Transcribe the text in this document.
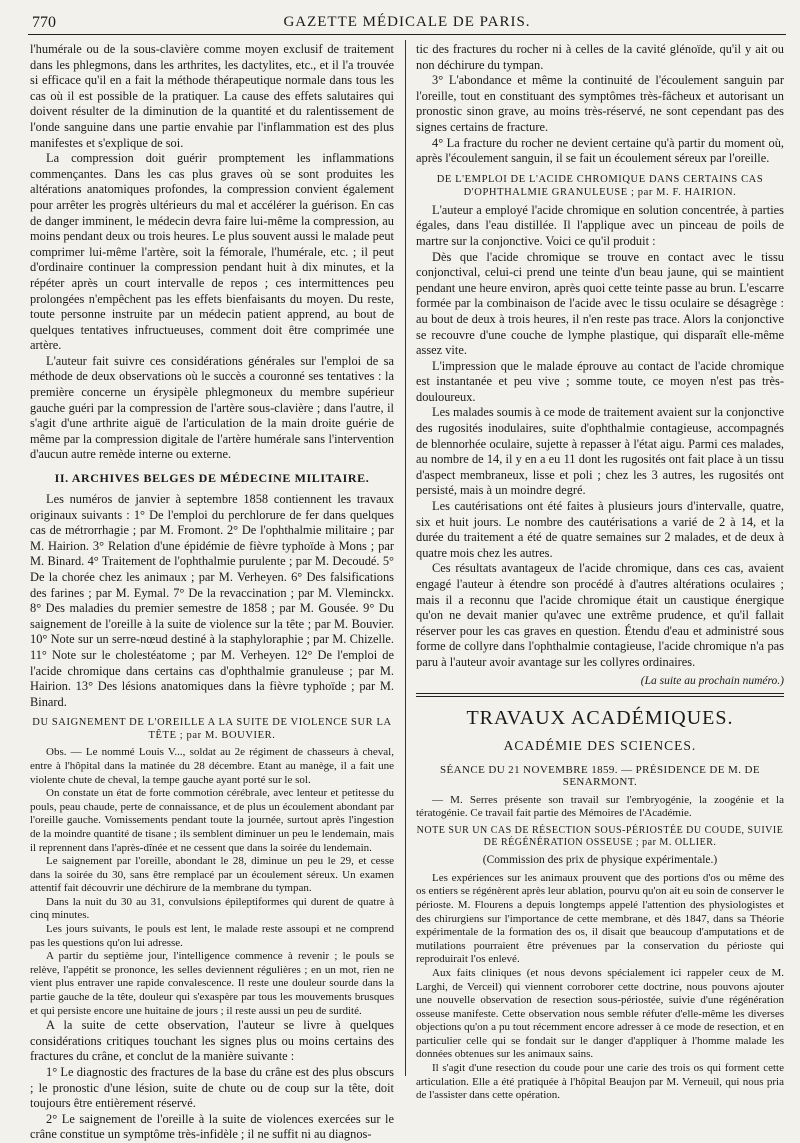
770	GAZETTE MÉDICALE DE PARIS.

l'humérale ou de la sous-clavière comme moyen exclusif de traitement dans les phlegmons, dans les arthrites, les dactylites, etc., et il l'a trouvée si efficace qu'il en a fait la méthode thérapeutique normale dans tous les cas où il est possible de la pratiquer. La cause des effets salutaires qui doivent résulter de la diminution de la quantité et du ralentissement de l'onde sanguine dans une partie envahie par l'inflammation est des plus manifestes et s'explique de soi.

La compression doit guérir promptement les inflammations commençantes. Dans les cas plus graves où se sont produites les altérations anatomiques profondes, la compression convient également pour arrêter les progrès ultérieurs du mal et accélérer la guérison. En cas de danger imminent, le médecin devra faire lui-même la compression, au moins pendant deux ou trois heures. Le plus souvent aussi le malade peut comprimer lui-même l'artère, soit la fémorale, l'humérale, etc. ; il peut d'ordinaire continuer la compression pendant huit à dix minutes, et la répéter après un court intervalle de repos ; ces intermittences peu prolongées n'empêchent pas les effets bienfaisants du moyen. Du reste, toute personne instruite par un médecin patient apprend, au bout de quelques tentatives infructueuses, comment doit être comprimée une artère.

L'auteur fait suivre ces considérations générales sur l'emploi de sa méthode de deux observations où le succès a couronné ses tentatives : la première concerne un érysipèle phlegmoneux du membre supérieur gauche guéri par la compression de l'artère sous-clavière ; dans l'autre, il s'agit d'une arthrite aiguë de l'articulation de la main droite guérie de même par la compression digitale de l'artère humérale sans l'intervention d'aucun autre remède interne ou externe.

II. ARCHIVES BELGES DE MÉDECINE MILITAIRE.

Les numéros de janvier à septembre 1858 contiennent les travaux originaux suivants : 1° De l'emploi du perchlorure de fer dans quelques cas de métrorrhagie ; par M. Fromont. 2° De l'ophthalmie militaire ; par M. Hairion. 3° Relation d'une épidémie de fièvre typhoïde à Mons ; par M. Binard. 4° Traitement de l'ophthalmie purulente ; par M. Decoudé. 5° De la chorée chez les animaux ; par M. Verheyen. 6° Des falsifications des farines ; par M. Eymal. 7° De la revaccination ; par M. Vleminckx. 8° Des maladies du premier semestre de 1858 ; par M. Gousée. 9° Du saignement de l'oreille à la suite de violence sur la tête ; par M. Bouvier. 10° Note sur un serre-nœud destiné à la staphyloraphie ; par M. Chizelle. 11° Note sur le cholestéatome ; par M. Verheyen. 12° De l'emploi de l'acide chromique dans certains cas d'ophthalmie granuleuse ; par M. Hairion. 13° Des lésions anatomiques dans la fièvre typhoïde ; par M. Binard.

DU SAIGNEMENT DE L'OREILLE A LA SUITE DE VIOLENCE SUR LA TÊTE ; par M. BOUVIER.

Obs. — Le nommé Louis V..., soldat au 2e régiment de chasseurs à cheval, entre à l'hôpital dans la matinée du 28 décembre. Etant au manège, il a fait une violente chute de cheval, la tempe gauche ayant porté sur le sol.

On constate un état de forte commotion cérébrale, avec lenteur et petitesse du pouls, peau chaude, perte de connaissance, et de plus un écoulement abondant par l'oreille gauche. Vomissements pendant toute la journée, surtout après l'ingestion de la moindre quantité de tisane ; ils semblent diminuer un peu le lendemain, mais il reprennent dans l'après-dînée et ne cessent que dans la soirée du lendemain.

Le saignement par l'oreille, abondant le 28, diminue un peu le 29, et cesse dans la soirée du 30, sans être remplacé par un écoulement séreux. Un examen attentif fait découvrir une déchirure de la membrane du tympan.

Dans la nuit du 30 au 31, convulsions épileptiformes qui durent de quatre à cinq minutes.

Les jours suivants, le pouls est lent, le malade reste assoupi et ne comprend pas les questions qu'on lui adresse.

A partir du septième jour, l'intelligence commence à revenir ; le pouls se relève, l'appétit se prononce, les selles deviennent régulières ; en un mot, rien ne vient plus entraver une rapide convalescence. Il reste une douleur sourde dans la partie gauche de la tête, douleur qui s'exaspère par tous les mouvements brusques et qui persiste encore une huitaine de jours ; il reste aussi un peu de surdité.

A la suite de cette observation, l'auteur se livre à quelques considérations critiques touchant les signes plus ou moins certains des fractures du crâne, et conclut de la manière suivante :

1° Le diagnostic des fractures de la base du crâne est des plus obscurs ; le pronostic d'une lésion, suite de chute ou de coup sur la tête, doit toujours être entièrement réservé.

2° Le saignement de l'oreille à la suite de violences exercées sur le crâne constitue un symptôme très-infidèle ; il ne suffit ni au diagnos-

tic des fractures du rocher ni à celles de la cavité glénoïde, qu'il y ait ou non déchirure du tympan.

3° L'abondance et même la continuité de l'écoulement sanguin par l'oreille, tout en constituant des symptômes très-fâcheux et autorisant un pronostic sinon grave, au moins très-réservé, ne sont cependant pas des signes certains de fracture.

4° La fracture du rocher ne devient certaine qu'à partir du moment où, après l'écoulement sanguin, il se fait un écoulement séreux par l'oreille.

DE L'EMPLOI DE L'ACIDE CHROMIQUE DANS CERTAINS CAS D'OPHTHALMIE GRANULEUSE ; par M. F. HAIRION.

L'auteur a employé l'acide chromique en solution concentrée, à parties égales, dans l'eau distillée. Il l'applique avec un pinceau de poils de martre sur la conjonctive. Voici ce qu'il produit :

Dès que l'acide chromique se trouve en contact avec le tissu conjonctival, celui-ci prend une teinte d'un beau jaune, qui se maintient pendant une heure environ, après quoi cette teinte passe au brun. L'escarre formée par la combinaison de l'acide avec le tissu oculaire se désagrège : au bout de deux à trois heures, il n'en reste pas trace. Alors la conjonctive se recouvre d'une couche de lymphe plastique, qui disparaît elle-même assez vite.

L'impression que le malade éprouve au contact de l'acide chromique est instantanée et peu vive ; somme toute, ce moyen n'est pas très-douloureux.

Les malades soumis à ce mode de traitement avaient sur la conjonctive des rugosités inodulaires, suite d'ophthalmie contagieuse, accompagnés de blennorhée oculaire, sujette à repasser à l'état aigu. Parmi ces malades, au nombre de 14, il y en a eu 11 dont les rugosités ont fait place à un tissu d'aspect membraneux, lisse et poli ; chez les 3 autres, les rugosités ont persisté, mais à un moindre degré.

Les cautérisations ont été faites à plusieurs jours d'intervalle, quatre, six et huit jours. Le nombre des cautérisations a varié de 2 à 14, et la durée du traitement a été de quatre semaines sur 2 malades, et de deux à quatre mois chez les autres.

Ces résultats avantageux de l'acide chromique, dans ces cas, avaient engagé l'auteur à étendre son procédé à d'autres altérations oculaires ; mais il a reconnu que l'acide chromique était un caustique énergique qu'on ne devait manier qu'avec une extrême prudence, et qu'il fallait réserver pour les cas graves en question. Étendu d'eau et administré sous forme de collyre dans l'ophthalmie contagieuse, l'acide chromique n'a pas paru à l'auteur avoir avantage sur les collyres ordinaires.

(La suite au prochain numéro.)
TRAVAUX ACADÉMIQUES.
ACADÉMIE DES SCIENCES.
SÉANCE DU 21 NOVEMBRE 1859. — PRÉSIDENCE DE M. DE SENARMONT.

— M. Serres présente son travail sur l'embryogénie, la zoogénie et la tératogénie. Ce travail fait partie des Mémoires de l'Académie.

NOTE SUR UN CAS DE RÉSECTION SOUS-PÉRIOSTÉE DU COUDE, SUIVIE DE RÉGÉNÉRATION OSSEUSE ; par M. OLLIER.
(Commission des prix de physique expérimentale.)

Les expériences sur les animaux prouvent que des portions d'os ou même des os entiers se régénèrent après leur ablation, pourvu qu'on ait eu soin de conserver le périoste. M. Flourens a depuis longtemps appelé l'attention des physiologistes et des chirurgiens sur l'importance de cette membrane, et dès 1847, dans sa Théorie expérimentale de la formation des os, il disait que beaucoup d'amputations et de mutilations pourraient être prévenues par la conservation du périoste qui reproduirait l'os enlevé.

Aux faits cliniques (et nous devons spécialement ici rappeler ceux de M. Larghi, de Verceil) qui viennent corroborer cette doctrine, nous pouvons ajouter une nouvelle observation de resection sous-périostée, suivie d'une régénération osseuse manifeste. Cette observation nous semble réfuter d'elle-même les diverses objections qu'on a pu tout récemment encore adresser à ce mode de resection, et en particulier celle qui se fondait sur le danger d'appliquer à l'homme malade les données obtenues sur les animaux sains.

Il s'agit d'une resection du coude pour une carie des trois os qui forment cette articulation. Elle a été pratiquée à l'hôpital Beaujon par M. Verneuil, qui nous pria de l'assister dans cette opération.
